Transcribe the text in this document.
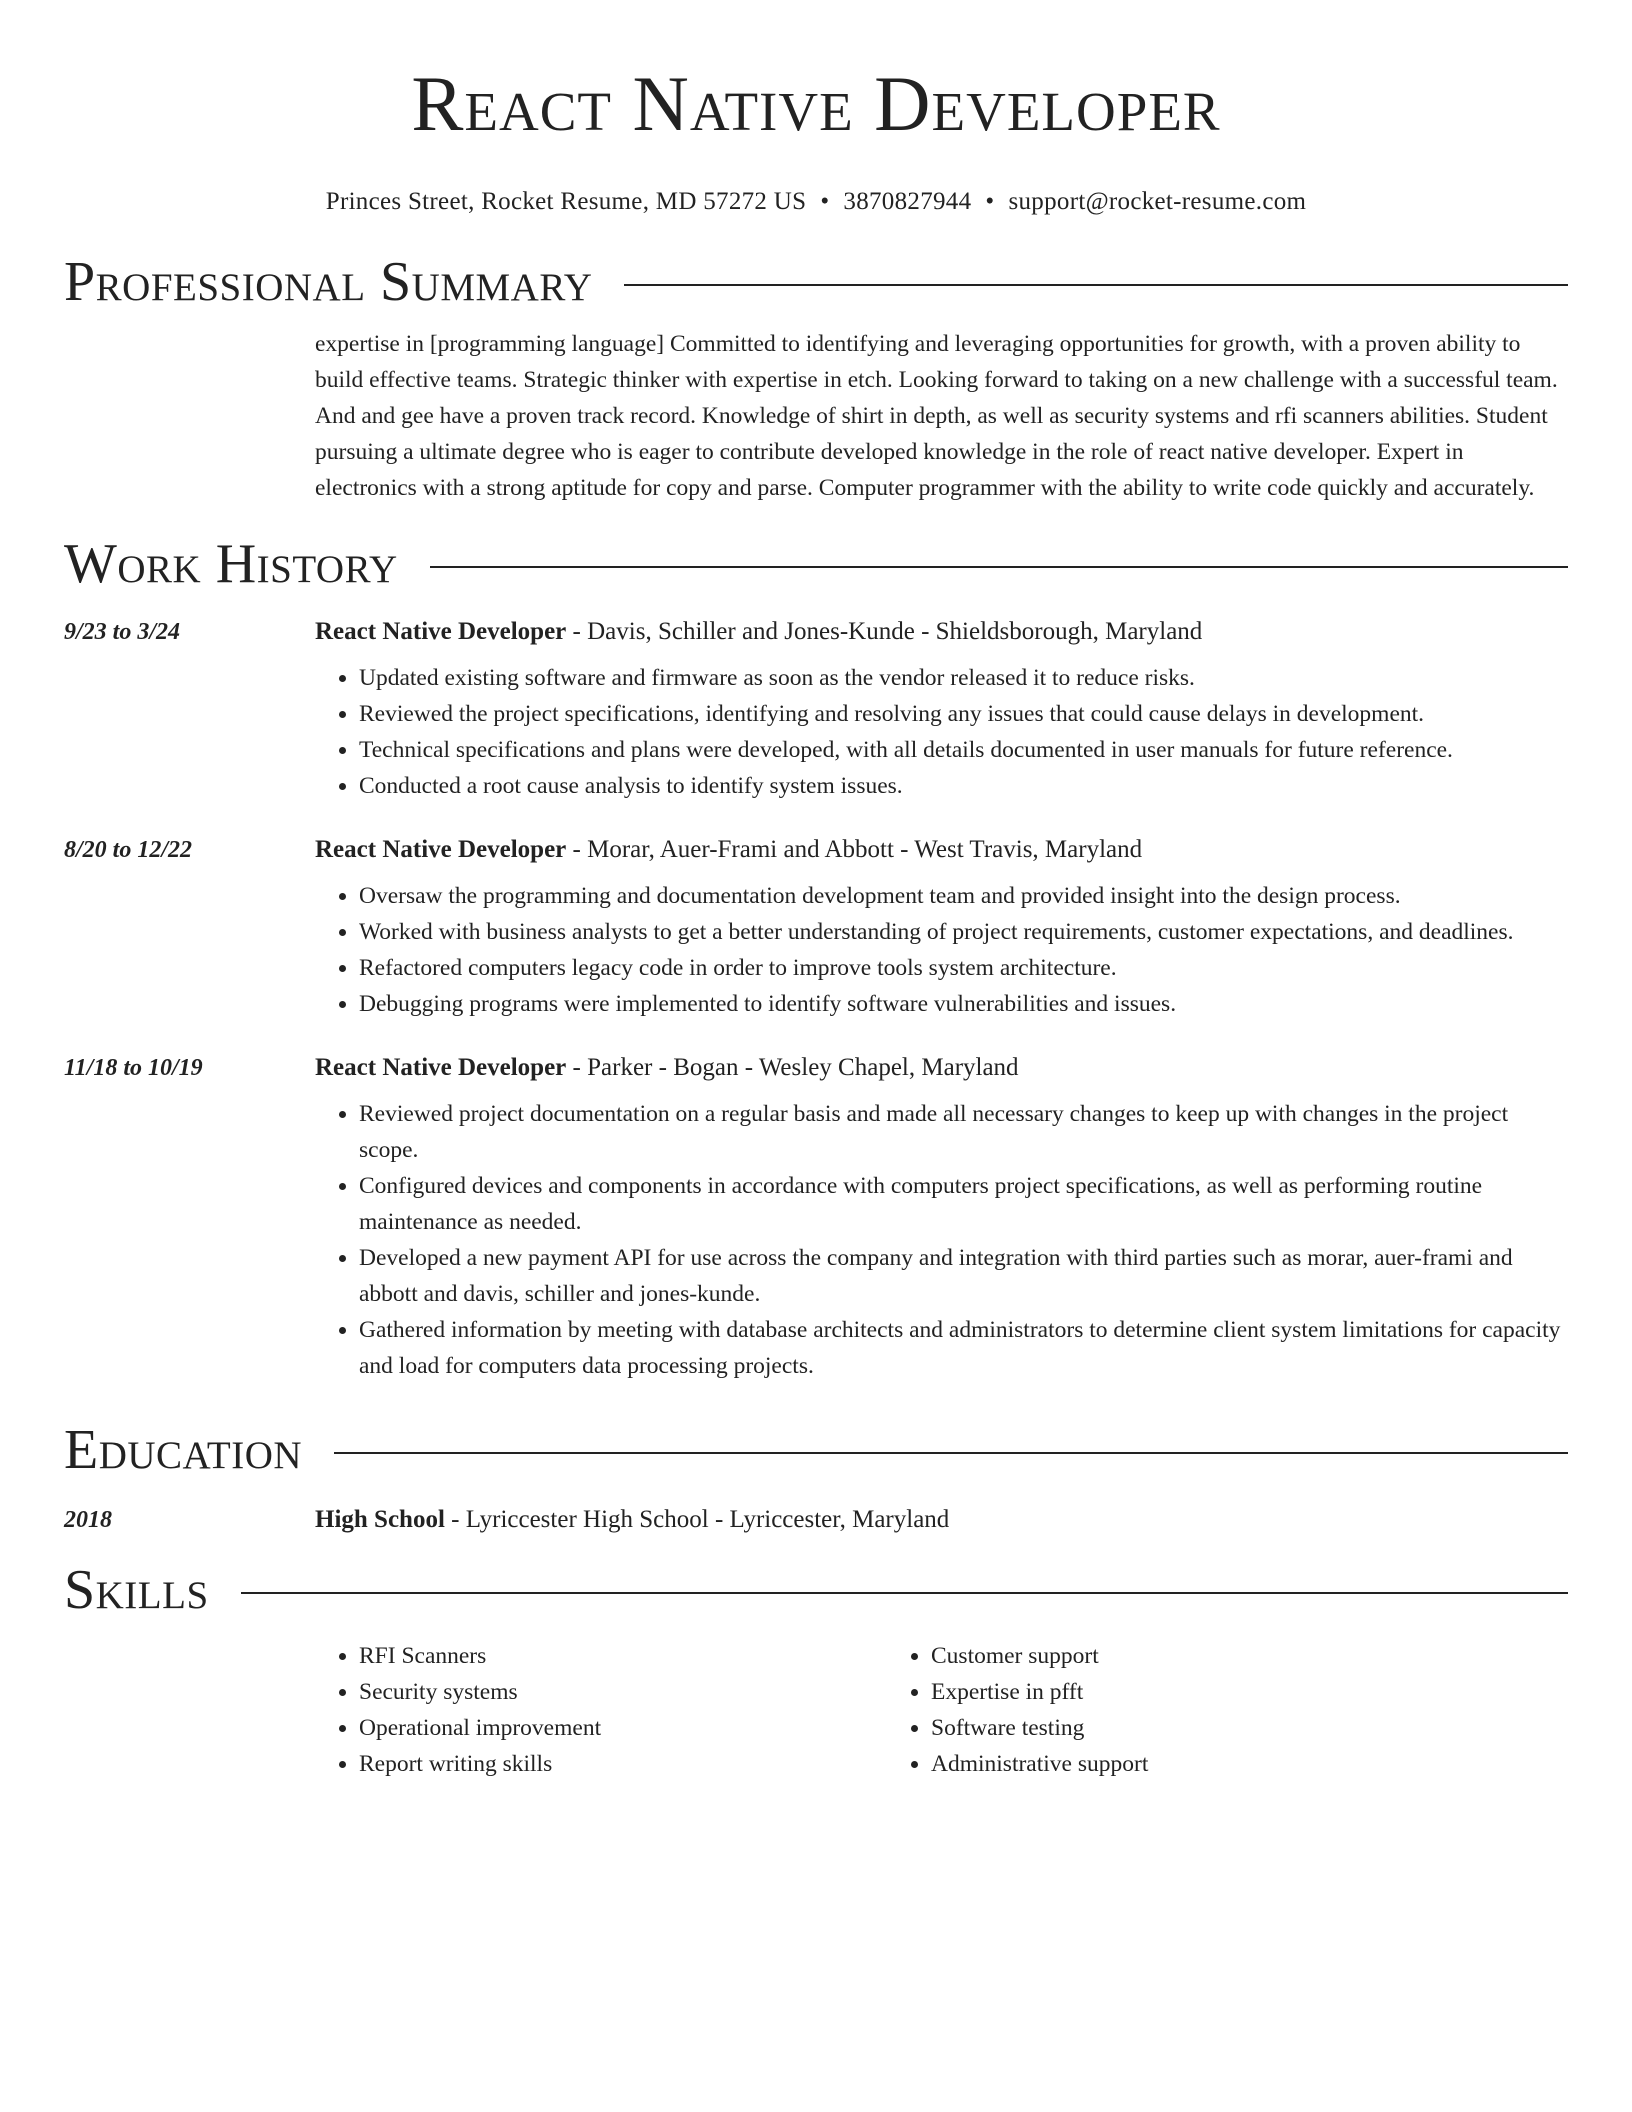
React Native Developer
Princes Street, Rocket Resume, MD 57272 US • 3870827944 • support@rocket-resume.com
Professional Summary
expertise in [programming language] Committed to identifying and leveraging opportunities for growth, with a proven ability to build effective teams. Strategic thinker with expertise in etch. Looking forward to taking on a new challenge with a successful team. And and gee have a proven track record. Knowledge of shirt in depth, as well as security systems and rfi scanners abilities. Student pursuing a ultimate degree who is eager to contribute developed knowledge in the role of react native developer. Expert in electronics with a strong aptitude for copy and parse. Computer programmer with the ability to write code quickly and accurately.
Work History
9/23 to 3/24	React Native Developer - Davis, Schiller and Jones-Kunde - Shieldsborough, Maryland
• Updated existing software and firmware as soon as the vendor released it to reduce risks.
• Reviewed the project specifications, identifying and resolving any issues that could cause delays in development.
• Technical specifications and plans were developed, with all details documented in user manuals for future reference.
• Conducted a root cause analysis to identify system issues.
8/20 to 12/22	React Native Developer - Morar, Auer-Frami and Abbott - West Travis, Maryland
• Oversaw the programming and documentation development team and provided insight into the design process.
• Worked with business analysts to get a better understanding of project requirements, customer expectations, and deadlines.
• Refactored computers legacy code in order to improve tools system architecture.
• Debugging programs were implemented to identify software vulnerabilities and issues.
11/18 to 10/19	React Native Developer - Parker - Bogan - Wesley Chapel, Maryland
• Reviewed project documentation on a regular basis and made all necessary changes to keep up with changes in the project scope.
• Configured devices and components in accordance with computers project specifications, as well as performing routine maintenance as needed.
• Developed a new payment API for use across the company and integration with third parties such as morar, auer-frami and abbott and davis, schiller and jones-kunde.
• Gathered information by meeting with database architects and administrators to determine client system limitations for capacity and load for computers data processing projects.
Education
2018	High School - Lyriccester High School - Lyriccester, Maryland
Skills
• RFI Scanners
• Security systems
• Operational improvement
• Report writing skills
• Customer support
• Expertise in pfft
• Software testing
• Administrative support
